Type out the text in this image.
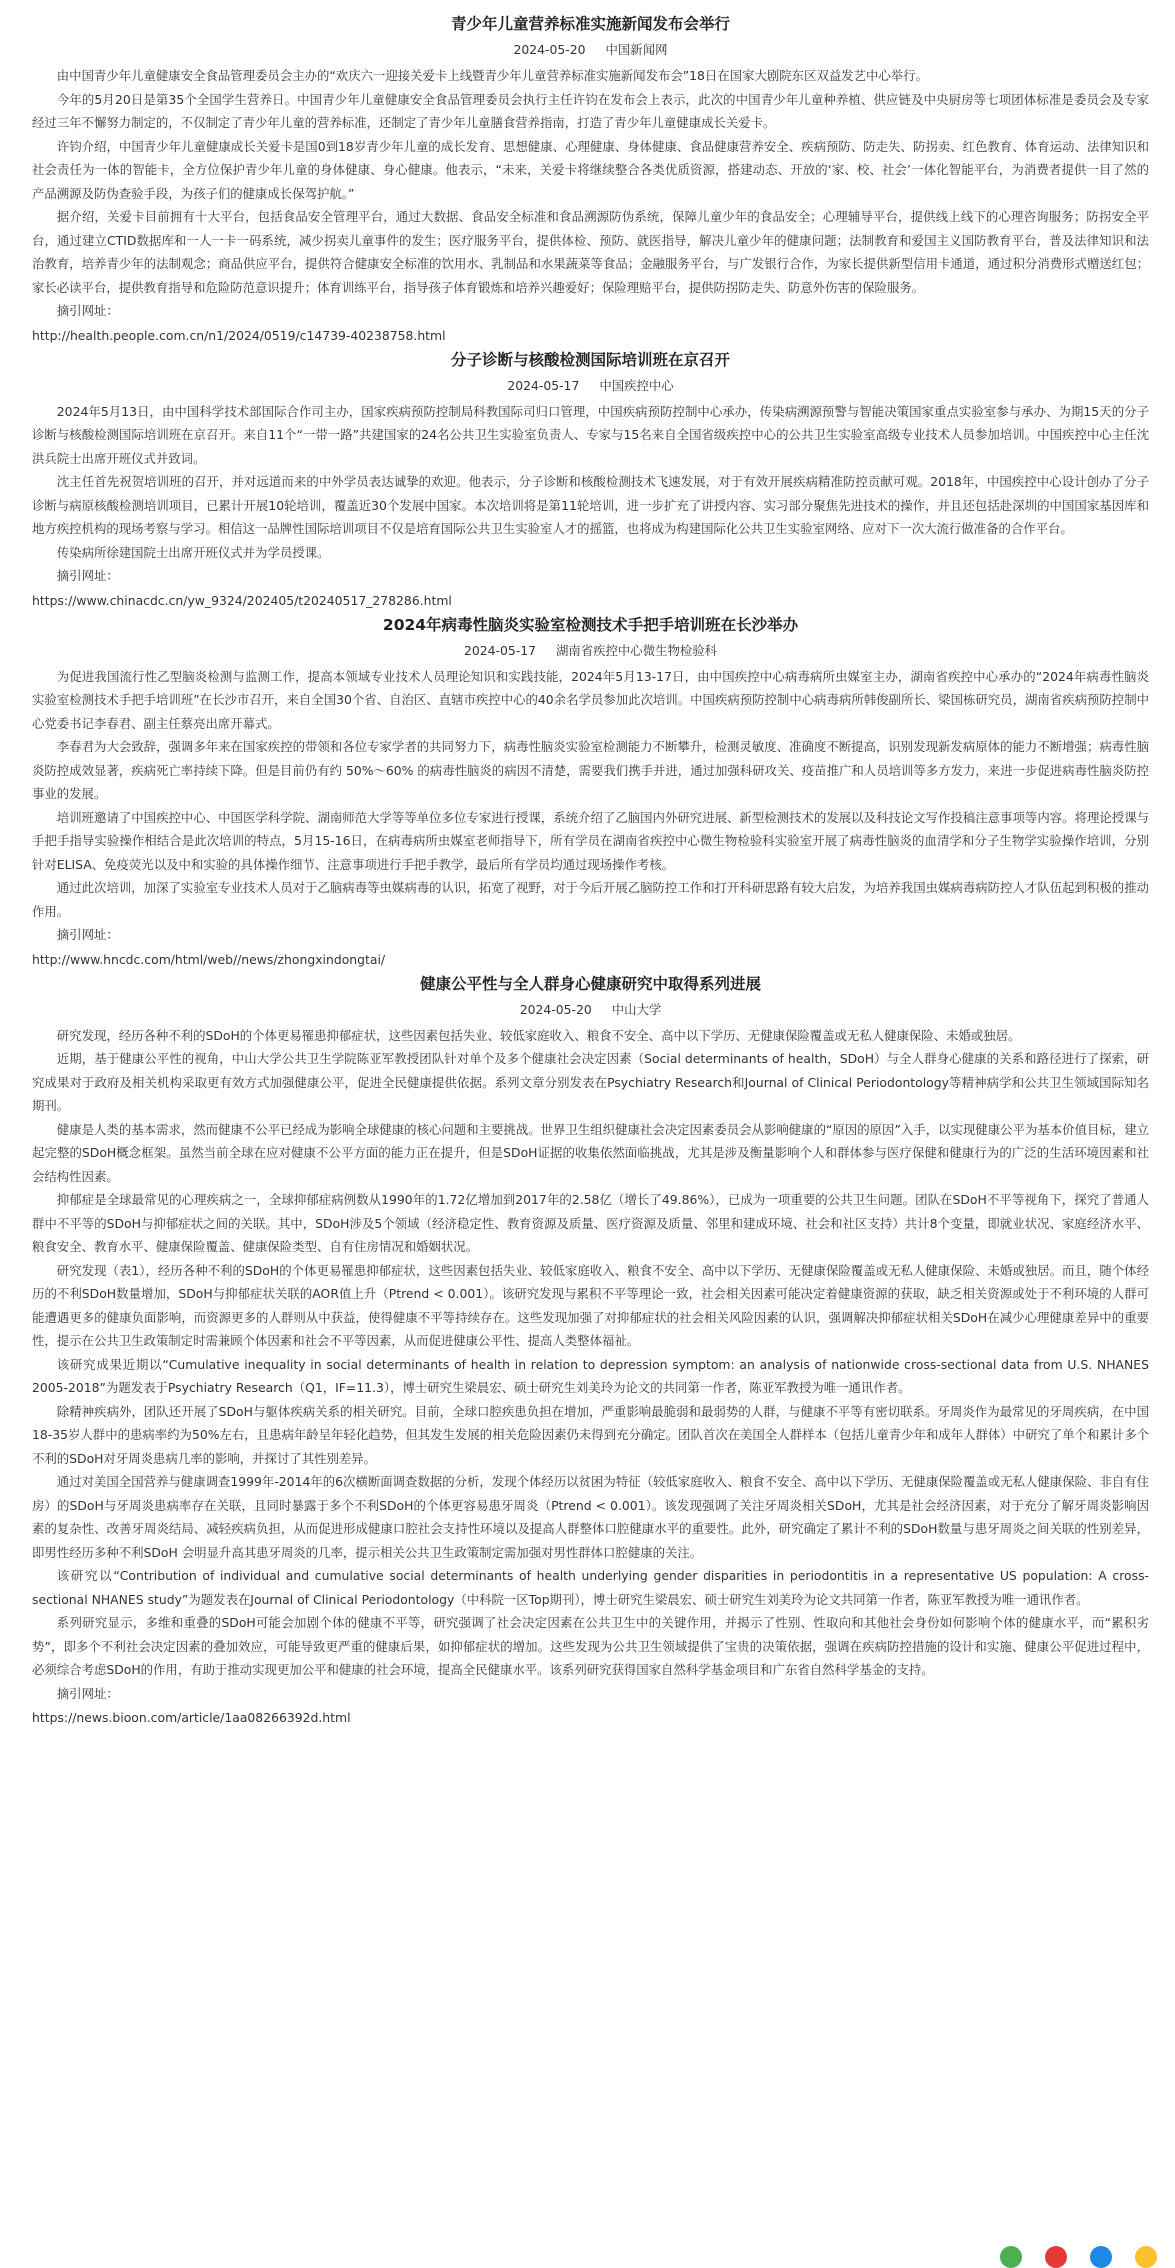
青少年儿童营养标准实施新闻发布会举行
2024-05-20 中国新闻网

由中国青少年儿童健康安全食品管理委员会主办的“欢庆六一迎接关爱卡上线暨青少年儿童营养标准实施新闻发布会”18日在国家大剧院东区双益发艺中心举行。

今年的5月20日是第35个全国学生营养日。中国青少年儿童健康安全食品管理委员会执行主任许钧在发布会上表示，此次的中国青少年儿童种养植、供应链及中央厨房等七项团体标准是委员会及专家经过三年不懈努力制定的，不仅制定了青少年儿童的营养标准，还制定了青少年儿童膳食营养指南，打造了青少年儿童健康成长关爱卡。

许钧介绍，中国青少年儿童健康成长关爱卡是国0到18岁青少年儿童的成长发育、思想健康、心理健康、身体健康、食品健康营养安全、疾病预防、防走失、防拐卖、红色教育、体育运动、法律知识和社会责任为一体的智能卡，全方位保护青少年儿童的身体健康、身心健康。他表示，“未来，关爱卡将继续整合各类优质资源，搭建动态、开放的‘家、校、社会’一体化智能平台，为消费者提供一目了然的产品溯源及防伪查验手段，为孩子们的健康成长保驾护航。”

据介绍，关爱卡目前拥有十大平台，包括食品安全管理平台，通过大数据、食品安全标准和食品溯源防伪系统，保障儿童少年的食品安全；心理辅导平台，提供线上线下的心理咨询服务；防拐安全平台，通过建立CTID数据库和一人一卡一码系统，减少拐卖儿童事件的发生；医疗服务平台，提供体检、预防、就医指导，解决儿童少年的健康问题；法制教育和爱国主义国防教育平台，普及法律知识和法治教育，培养青少年的法制观念；商品供应平台，提供符合健康安全标准的饮用水、乳制品和水果蔬菜等食品；金融服务平台，与广发银行合作，为家长提供新型信用卡通道，通过积分消费形式赠送红包；家长必读平台，提供教育指导和危险防范意识提升；体育训练平台，指导孩子体育锻炼和培养兴趣爱好；保险理赔平台，提供防拐防走失、防意外伤害的保险服务。

摘引网址：

http://health.people.com.cn/n1/2024/0519/c14739-40238758.html
分子诊断与核酸检测国际培训班在京召开
2024-05-17 中国疾控中心

2024年5月13日，由中国科学技术部国际合作司主办，国家疾病预防控制局科教国际司归口管理，中国疾病预防控制中心承办，传染病溯源预警与智能决策国家重点实验室参与承办、为期15天的分子诊断与核酸检测国际培训班在京召开。来自11个“一带一路”共建国家的24名公共卫生实验室负责人、专家与15名来自全国省级疾控中心的公共卫生实验室高级专业技术人员参加培训。中国疾控中心主任沈洪兵院士出席开班仪式并致词。

沈主任首先祝贺培训班的召开，并对远道而来的中外学员表达诚挚的欢迎。他表示，分子诊断和核酸检测技术飞速发展，对于有效开展疾病精准防控贡献可观。2018年，中国疾控中心设计创办了分子诊断与病原核酸检测培训项目，已累计开展10轮培训，覆盖近30个发展中国家。本次培训将是第11轮培训，进一步扩充了讲授内容、实习部分聚焦先进技术的操作，并且还包括赴深圳的中国国家基因库和地方疾控机构的现场考察与学习。相信这一品牌性国际培训项目不仅是培育国际公共卫生实验室人才的摇篮，也将成为构建国际化公共卫生实验室网络、应对下一次大流行做准备的合作平台。

传染病所徐建国院士出席开班仪式并为学员授课。

摘引网址：

https://www.chinacdc.cn/yw_9324/202405/t20240517_278286.html
2024年病毒性脑炎实验室检测技术手把手培训班在长沙举办
2024-05-17 湖南省疾控中心微生物检验科

为促进我国流行性乙型脑炎检测与监测工作，提高本领域专业技术人员理论知识和实践技能，2024年5月13-17日，由中国疾控中心病毒病所虫媒室主办，湖南省疾控中心承办的“2024年病毒性脑炎实验室检测技术手把手培训班”在长沙市召开，来自全国30个省、自治区、直辖市疾控中心的40余名学员参加此次培训。中国疾病预防控制中心病毒病所韩俊副所长、梁国栋研究员，湖南省疾病预防控制中心党委书记李春君、副主任蔡亮出席开幕式。

李春君为大会致辞，强调多年来在国家疾控的带领和各位专家学者的共同努力下，病毒性脑炎实验室检测能力不断攀升，检测灵敏度、准确度不断提高，识别发现新发病原体的能力不断增强；病毒性脑炎防控成效显著，疾病死亡率持续下降。但是目前仍有约 50%～60% 的病毒性脑炎的病因不清楚，需要我们携手并进，通过加强科研攻关、疫苗推广和人员培训等多方发力，来进一步促进病毒性脑炎防控事业的发展。

培训班邀请了中国疾控中心、中国医学科学院、湖南师范大学等等单位多位专家进行授课，系统介绍了乙脑国内外研究进展、新型检测技术的发展以及科技论文写作投稿注意事项等内容。将理论授课与手把手指导实验操作相结合是此次培训的特点，5月15-16日，在病毒病所虫媒室老师指导下，所有学员在湖南省疾控中心微生物检验科实验室开展了病毒性脑炎的血清学和分子生物学实验操作培训，分别针对ELISA、免疫荧光以及中和实验的具体操作细节、注意事项进行手把手教学，最后所有学员均通过现场操作考核。

通过此次培训，加深了实验室专业技术人员对于乙脑病毒等虫媒病毒的认识，拓宽了视野，对于今后开展乙脑防控工作和打开科研思路有较大启发，为培养我国虫媒病毒病防控人才队伍起到积极的推动作用。

摘引网址：

http://www.hncdc.com/html/web//news/zhongxindongtai/
健康公平性与全人群身心健康研究中取得系列进展
2024-05-20 中山大学

研究发现，经历各种不利的SDoH的个体更易罹患抑郁症状，这些因素包括失业、较低家庭收入、粮食不安全、高中以下学历、无健康保险覆盖或无私人健康保险、未婚或独居。

近期，基于健康公平性的视角，中山大学公共卫生学院陈亚军教授团队针对单个及多个健康社会决定因素（Social determinants of health，SDoH）与全人群身心健康的关系和路径进行了探索，研究成果对于政府及相关机构采取更有效方式加强健康公平，促进全民健康提供依据。系列文章分别发表在Psychiatry Research和Journal of Clinical Periodontology等精神病学和公共卫生领域国际知名期刊。

健康是人类的基本需求，然而健康不公平已经成为影响全球健康的核心问题和主要挑战。世界卫生组织健康社会决定因素委员会从影响健康的“原因的原因”入手，以实现健康公平为基本价值目标，建立起完整的SDoH概念框架。虽然当前全球在应对健康不公平方面的能力正在提升，但是SDoH证据的收集依然面临挑战，尤其是涉及衡量影响个人和群体参与医疗保健和健康行为的广泛的生活环境因素和社会结构性因素。

抑郁症是全球最常见的心理疾病之一，全球抑郁症病例数从1990年的1.72亿增加到2017年的2.58亿（增长了49.86%），已成为一项重要的公共卫生问题。团队在SDoH不平等视角下，探究了普通人群中不平等的SDoH与抑郁症状之间的关联。其中，SDoH涉及5个领域（经济稳定性、教育资源及质量、医疗资源及质量、邻里和建成环境、社会和社区支持）共计8个变量，即就业状况、家庭经济水平、粮食安全、教育水平、健康保险覆盖、健康保险类型、自有住房情况和婚姻状况。

研究发现（表1），经历各种不利的SDoH的个体更易罹患抑郁症状，这些因素包括失业、较低家庭收入、粮食不安全、高中以下学历、无健康保险覆盖或无私人健康保险、未婚或独居。而且，随个体经历的不利SDoH数量增加，SDoH与抑郁症状关联的AOR值上升（Ptrend < 0.001）。该研究发现与累积不平等理论一致，社会相关因素可能决定着健康资源的获取，缺乏相关资源或处于不利环境的人群可能遭遇更多的健康负面影响，而资源更多的人群则从中获益，使得健康不平等持续存在。这些发现加强了对抑郁症状的社会相关风险因素的认识，强调解决抑郁症状相关SDoH在减少心理健康差异中的重要性，提示在公共卫生政策制定时需兼顾个体因素和社会不平等因素，从而促进健康公平性、提高人类整体福祉。

该研究成果近期以“Cumulative inequality in social determinants of health in relation to depression symptom: an analysis of nationwide cross-sectional data from U.S. NHANES 2005-2018”为题发表于Psychiatry Research（Q1，IF=11.3），博士研究生梁晨宏、硕士研究生刘美玲为论文的共同第一作者，陈亚军教授为唯一通讯作者。

除精神疾病外，团队还开展了SDoH与躯体疾病关系的相关研究。目前，全球口腔疾患负担在增加，严重影响最脆弱和最弱势的人群，与健康不平等有密切联系。牙周炎作为最常见的牙周疾病，在中国18-35岁人群中的患病率约为50%左右，且患病年龄呈年轻化趋势，但其发生发展的相关危险因素仍未得到充分确定。团队首次在美国全人群样本（包括儿童青少年和成年人群体）中研究了单个和累计多个不利的SDoH对牙周炎患病几率的影响，并探讨了其性别差异。

通过对美国全国营养与健康调查1999年-2014年的6次横断面调查数据的分析，发现个体经历以贫困为特征（较低家庭收入、粮食不安全、高中以下学历、无健康保险覆盖或无私人健康保险、非自有住房）的SDoH与牙周炎患病率存在关联，且同时暴露于多个不利SDoH的个体更容易患牙周炎（Ptrend < 0.001）。该发现强调了关注牙周炎相关SDoH，尤其是社会经济因素，对于充分了解牙周炎影响因素的复杂性、改善牙周炎结局、减轻疾病负担，从而促进形成健康口腔社会支持性环境以及提高人群整体口腔健康水平的重要性。此外，研究确定了累计不利的SDoH数量与患牙周炎之间关联的性别差异，即男性经历多种不利SDoH 会明显升高其患牙周炎的几率，提示相关公共卫生政策制定需加强对男性群体口腔健康的关注。

该研究以“Contribution of individual and cumulative social determinants of health underlying gender disparities in periodontitis in a representative US population: A cross-sectional NHANES study”为题发表在Journal of Clinical Periodontology（中科院一区Top期刊），博士研究生梁晨宏、硕士研究生刘美玲为论文共同第一作者，陈亚军教授为唯一通讯作者。

系列研究显示，多维和重叠的SDoH可能会加剧个体的健康不平等，研究强调了社会决定因素在公共卫生中的关键作用，并揭示了性别、性取向和其他社会身份如何影响个体的健康水平，而“累积劣势”，即多个不利社会决定因素的叠加效应，可能导致更严重的健康后果，如抑郁症状的增加。这些发现为公共卫生领域提供了宝贵的决策依据，强调在疾病防控措施的设计和实施、健康公平促进过程中，必须综合考虑SDoH的作用，有助于推动实现更加公平和健康的社会环境，提高全民健康水平。该系列研究获得国家自然科学基金项目和广东省自然科学基金的支持。

摘引网址：

https://news.bioon.com/article/1aa08266392d.html
